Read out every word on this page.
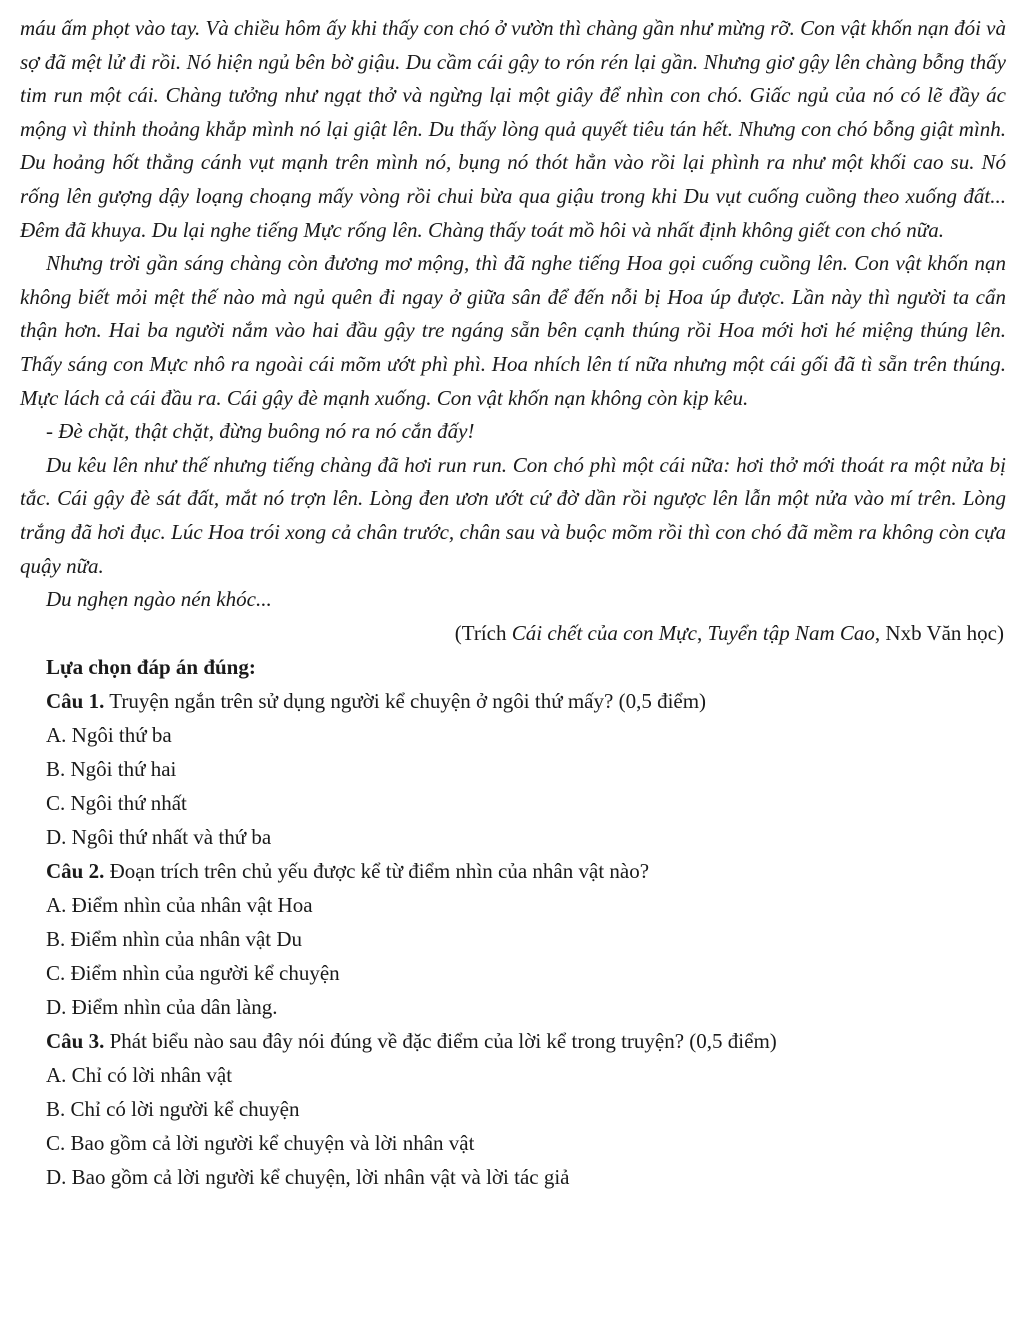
máu ấm phọt vào tay. Và chiều hôm ấy khi thấy con chó ở vườn thì chàng gần như mừng rỡ. Con vật khốn nạn đói và sợ đã mệt lử đi rồi. Nó hiện ngủ bên bờ giậu. Du cầm cái gậy to rón rén lại gần. Nhưng giơ gậy lên chàng bỗng thấy tim run một cái. Chàng tưởng như ngạt thở và ngừng lại một giây để nhìn con chó. Giấc ngủ của nó có lẽ đầy ác mộng vì thỉnh thoảng khắp mình nó lại giật lên. Du thấy lòng quả quyết tiêu tán hết. Nhưng con chó bỗng giật mình. Du hoảng hốt thẳng cánh vụt mạnh trên mình nó, bụng nó thót hẳn vào rồi lại phình ra như một khối cao su. Nó rống lên gượng dậy loạng choạng mấy vòng rồi chui bừa qua giậu trong khi Du vụt cuống cuồng theo xuống đất... Đêm đã khuya. Du lại nghe tiếng Mực rống lên. Chàng thấy toát mồ hôi và nhất định không giết con chó nữa.

Nhưng trời gần sáng chàng còn đương mơ mộng, thì đã nghe tiếng Hoa gọi cuống cuồng lên. Con vật khốn nạn không biết mỏi mệt thế nào mà ngủ quên đi ngay ở giữa sân để đến nỗi bị Hoa úp được. Lần này thì người ta cẩn thận hơn. Hai ba người nắm vào hai đầu gậy tre ngáng sẵn bên cạnh thúng rồi Hoa mới hơi hé miệng thúng lên. Thấy sáng con Mực nhô ra ngoài cái mõm ướt phì phì. Hoa nhích lên tí nữa nhưng một cái gối đã tì sẵn trên thúng. Mực lách cả cái đầu ra. Cái gậy đè mạnh xuống. Con vật khốn nạn không còn kịp kêu.

- Đè chặt, thật chặt, đừng buông nó ra nó cắn đấy!

Du kêu lên như thế nhưng tiếng chàng đã hơi run run. Con chó phì một cái nữa: hơi thở mới thoát ra một nửa bị tắc. Cái gậy đè sát đất, mắt nó trợn lên. Lòng đen ươn ướt cứ đờ dần rồi ngược lên lẫn một nửa vào mí trên. Lòng trắng đã hơi đục. Lúc Hoa trói xong cả chân trước, chân sau và buộc mõm rồi thì con chó đã mềm ra không còn cựa quậy nữa.

Du nghẹn ngào nén khóc...

(Trích Cái chết của con Mực, Tuyển tập Nam Cao, Nxb Văn học)

Lựa chọn đáp án đúng:

Câu 1. Truyện ngắn trên sử dụng người kể chuyện ở ngôi thứ mấy? (0,5 điểm)

A. Ngôi thứ ba

B. Ngôi thứ hai

C. Ngôi thứ nhất

D. Ngôi thứ nhất và thứ ba

Câu 2. Đoạn trích trên chủ yếu được kể từ điểm nhìn của nhân vật nào?

A. Điểm nhìn của nhân vật Hoa

B. Điểm nhìn của nhân vật Du

C. Điểm nhìn của người kể chuyện

D. Điểm nhìn của dân làng.

Câu 3. Phát biểu nào sau đây nói đúng về đặc điểm của lời kể trong truyện? (0,5 điểm)

A. Chỉ có lời nhân vật

B. Chỉ có lời người kể chuyện

C. Bao gồm cả lời người kể chuyện và lời nhân vật

D. Bao gồm cả lời người kể chuyện, lời nhân vật và lời tác giả
